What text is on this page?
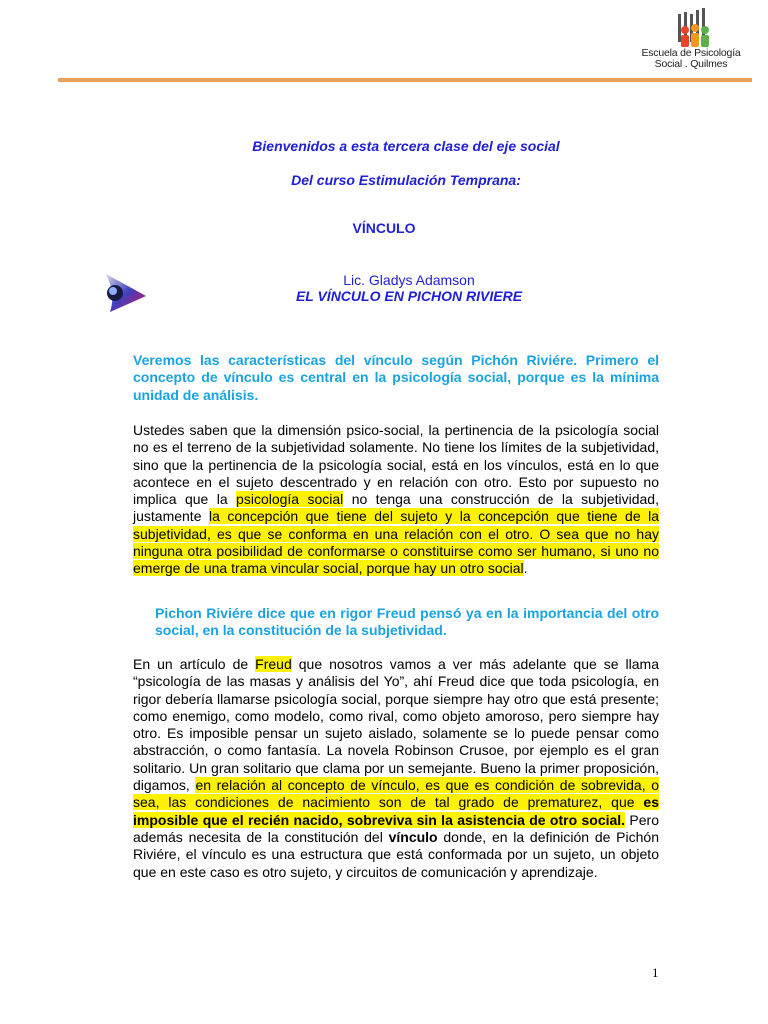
Escuela de Psicología
Social . Quilmes
Bienvenidos a esta tercera clase del eje social
Del curso Estimulación Temprana:
VÍNCULO
Lic. Gladys Adamson
EL VÍNCULO EN PICHON RIVIERE
Veremos las características del vínculo según Pichón Riviére. Primero el concepto de vínculo es central en la psicología social, porque es la mínima unidad de análisis.
Ustedes saben que la dimensión psico-social, la pertinencia de la psicología social no es el terreno de la subjetividad solamente. No tiene los límites de la subjetividad, sino que la pertinencia de la psicología social, está en los vínculos, está en lo que acontece en el sujeto descentrado y en relación con otro. Esto por supuesto no implica que la psicología social no tenga una construcción de la subjetividad, justamente la concepción que tiene del sujeto y la concepción que tiene de la subjetividad, es que se conforma en una relación con el otro. O sea que no hay ninguna otra posibilidad de conformarse o constituirse como ser humano, si uno no emerge de una trama vincular social, porque hay un otro social.
Pichon Riviére dice que en rigor Freud pensó ya en la importancia del otro social, en la constitución de la subjetividad.
En un artículo de Freud que nosotros vamos a ver más adelante que se llama “psicología de las masas y análisis del Yo”, ahí Freud dice que toda psicología, en rigor debería llamarse psicología social, porque siempre hay otro que está presente; como enemigo, como modelo, como rival, como objeto amoroso, pero siempre hay otro. Es imposible pensar un sujeto aislado, solamente se lo puede pensar como abstracción, o como fantasía. La novela Robinson Crusoe, por ejemplo es el gran solitario. Un gran solitario que clama por un semejante. Bueno la primer proposición, digamos, en relación al concepto de vínculo, es que es condición de sobrevida, o sea, las condiciones de nacimiento son de tal grado de prematurez, que es imposible que el recién nacido, sobreviva sin la asistencia de otro social. Pero además necesita de la constitución del vínculo donde, en la definición de Pichón Riviére, el vínculo es una estructura que está conformada por un sujeto, un objeto que en este caso es otro sujeto, y circuitos de comunicación y aprendizaje.
1
